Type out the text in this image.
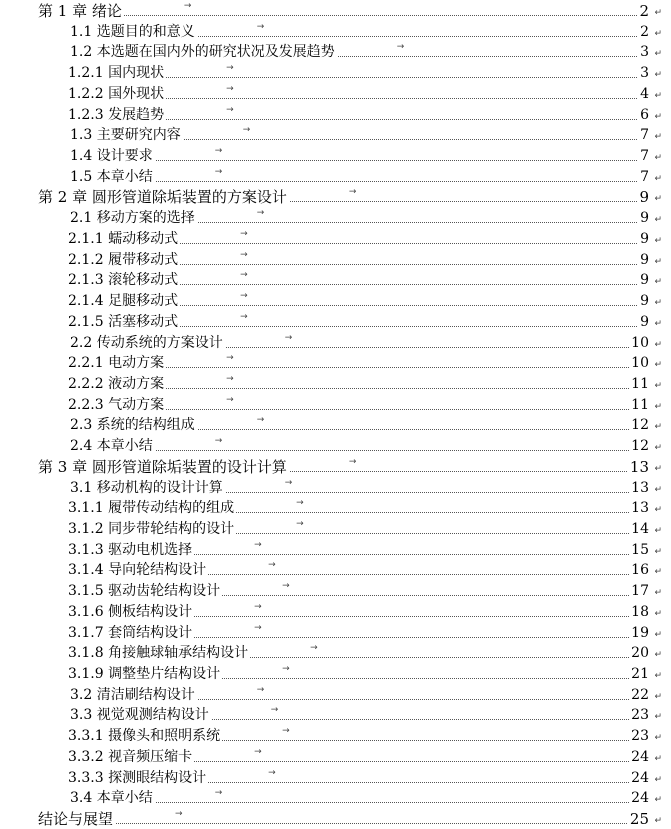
第 1 章 绪论	2
→
↵
1.1 选题目的和意义	2
→
↵
1.2 本选题在国内外的研究状况及发展趋势	3
→
↵
1.2.1 国内现状	3
→
↵
1.2.2 国外现状	4
→
↵
1.2.3 发展趋势	6
→
↵
1.3 主要研究内容	7
→
↵
1.4 设计要求	7
→
↵
1.5 本章小结	7
→
↵
第 2 章 圆形管道除垢装置的方案设计	9
→
↵
2.1 移动方案的选择	9
→
↵
2.1.1 蠕动移动式	9
→
↵
2.1.2 履带移动式	9
→
↵
2.1.3 滚轮移动式	9
→
↵
2.1.4 足腿移动式	9
→
↵
2.1.5 活塞移动式	9
→
↵
2.2 传动系统的方案设计	10
→
↵
2.2.1 电动方案	10
→
↵
2.2.2 液动方案	11
→
↵
2.2.3 气动方案	11
→
↵
2.3 系统的结构组成	12
→
↵
2.4 本章小结	12
→
↵
第 3 章 圆形管道除垢装置的设计计算	13
→
↵
3.1 移动机构的设计计算	13
→
↵
3.1.1 履带传动结构的组成	13
→
↵
3.1.2 同步带轮结构的设计	14
→
↵
3.1.3 驱动电机选择	15
→
↵
3.1.4 导向轮结构设计	16
→
↵
3.1.5 驱动齿轮结构设计	17
→
↵
3.1.6 侧板结构设计	18
→
↵
3.1.7 套筒结构设计	19
→
↵
3.1.8 角接触球轴承结构设计	20
→
↵
3.1.9 调整垫片结构设计	21
→
↵
3.2 清洁刷结构设计	22
→
↵
3.3 视觉观测结构设计	23
→
↵
3.3.1 摄像头和照明系统	23
→
↵
3.3.2 视音频压缩卡	24
→
↵
3.3.3 探测眼结构设计	24
→
↵
3.4 本章小结	24
→
↵
结论与展望	25
→
↵
